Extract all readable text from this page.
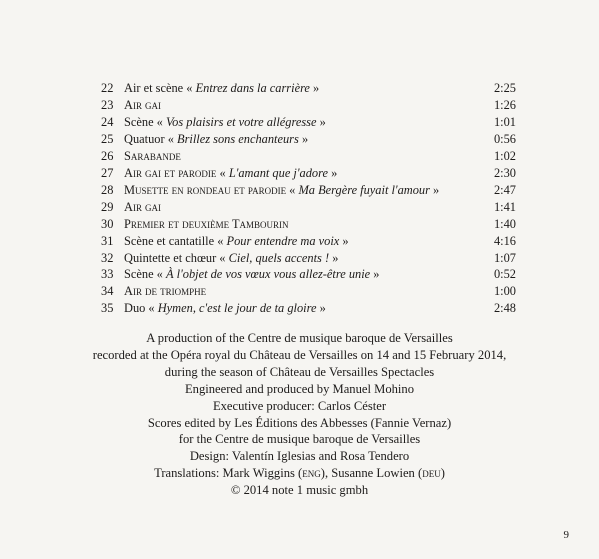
22 Air et scène « Entrez dans la carrière »	2:25
23 Air gai	1:26
24 Scène « Vos plaisirs et votre allégresse »	1:01
25 Quatuor « Brillez sons enchanteurs »	0:56
26 Sarabande	1:02
27 Air gai et parodie « L'amant que j'adore »	2:30
28 Musette en rondeau et parodie « Ma Bergère fuyait l'amour »	2:47
29 Air gai	1:41
30 Premier et deuxième Tambourin	1:40
31 Scène et cantatille « Pour entendre ma voix »	4:16
32 Quintette et chœur « Ciel, quels accents ! »	1:07
33 Scène « À l'objet de vos vœux vous allez-être unie »	0:52
34 Air de triomphe	1:00
35 Duo « Hymen, c'est le jour de ta gloire »	2:48
A production of the Centre de musique baroque de Versailles
recorded at the Opéra royal du Château de Versailles on 14 and 15 February 2014,
during the season of Château de Versailles Spectacles
Engineered and produced by Manuel Mohino
Executive producer: Carlos Céster
Scores edited by Les Éditions des Abbesses (Fannie Vernaz)
for the Centre de musique baroque de Versailles
Design: Valentín Iglesias and Rosa Tendero
Translations: Mark Wiggins (eng), Susanne Lowien (deu)
© 2014 note 1 music gmbh
9
